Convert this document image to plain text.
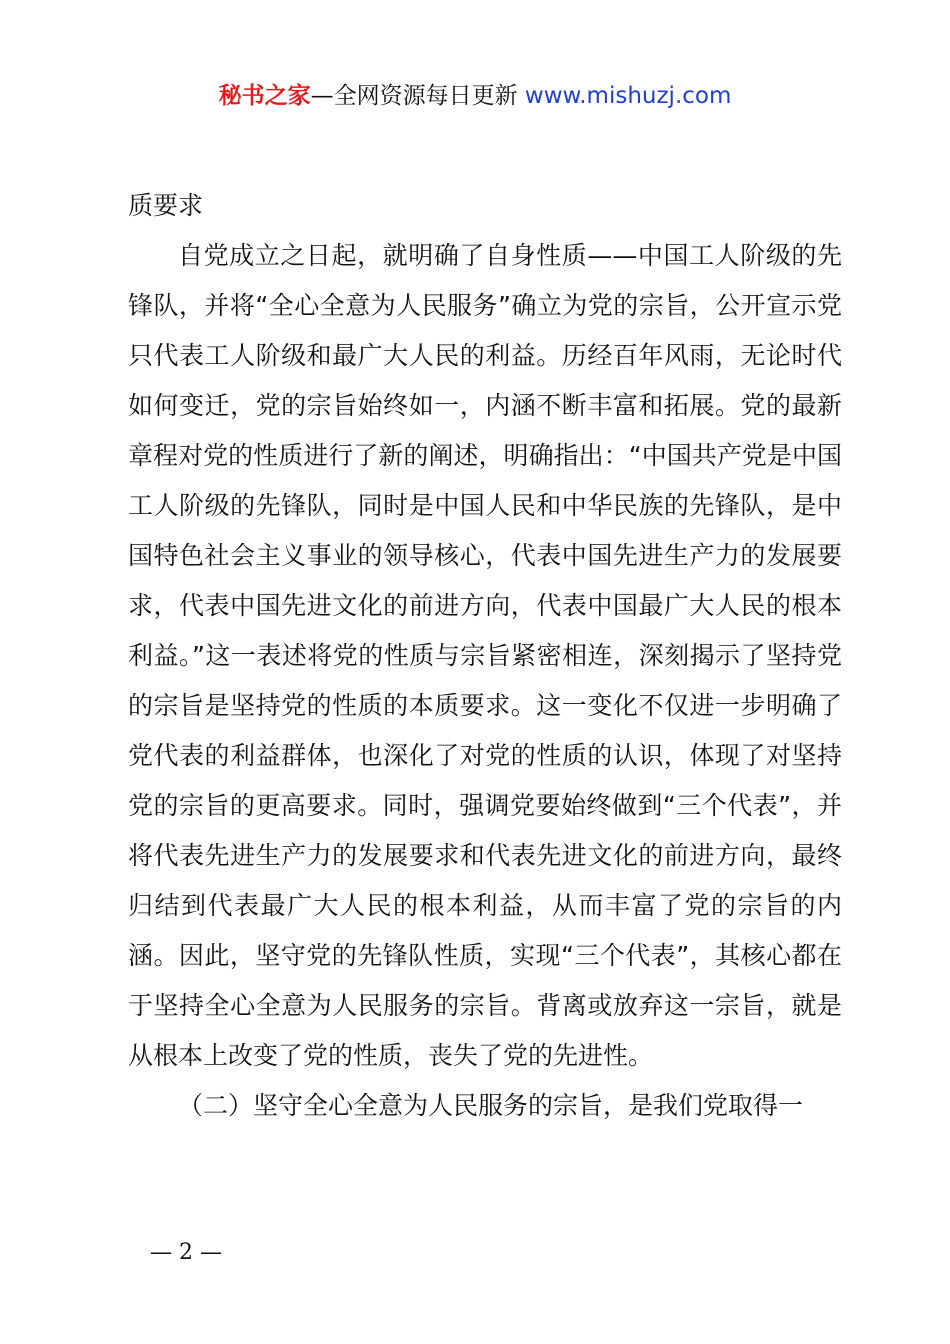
秘书之家—全网资源每日更新 www.mishuzj.com

质要求

自党成立之日起，就明确了自身性质——中国工人阶级的先锋队，并将“全心全意为人民服务”确立为党的宗旨，公开宣示党只代表工人阶级和最广大人民的利益。历经百年风雨，无论时代如何变迁，党的宗旨始终如一，内涵不断丰富和拓展。党的最新章程对党的性质进行了新的阐述，明确指出：“中国共产党是中国工人阶级的先锋队，同时是中国人民和中华民族的先锋队，是中国特色社会主义事业的领导核心，代表中国先进生产力的发展要求，代表中国先进文化的前进方向，代表中国最广大人民的根本利益。”这一表述将党的性质与宗旨紧密相连，深刻揭示了坚持党的宗旨是坚持党的性质的本质要求。这一变化不仅进一步明确了党代表的利益群体，也深化了对党的性质的认识，体现了对坚持党的宗旨的更高要求。同时，强调党要始终做到“三个代表”，并将代表先进生产力的发展要求和代表先进文化的前进方向，最终归结到代表最广大人民的根本利益，从而丰富了党的宗旨的内涵。因此，坚守党的先锋队性质，实现“三个代表”，其核心都在于坚持全心全意为人民服务的宗旨。背离或放弃这一宗旨，就是从根本上改变了党的性质，丧失了党的先进性。

（二）坚守全心全意为人民服务的宗旨，是我们党取得一

— 2 —
